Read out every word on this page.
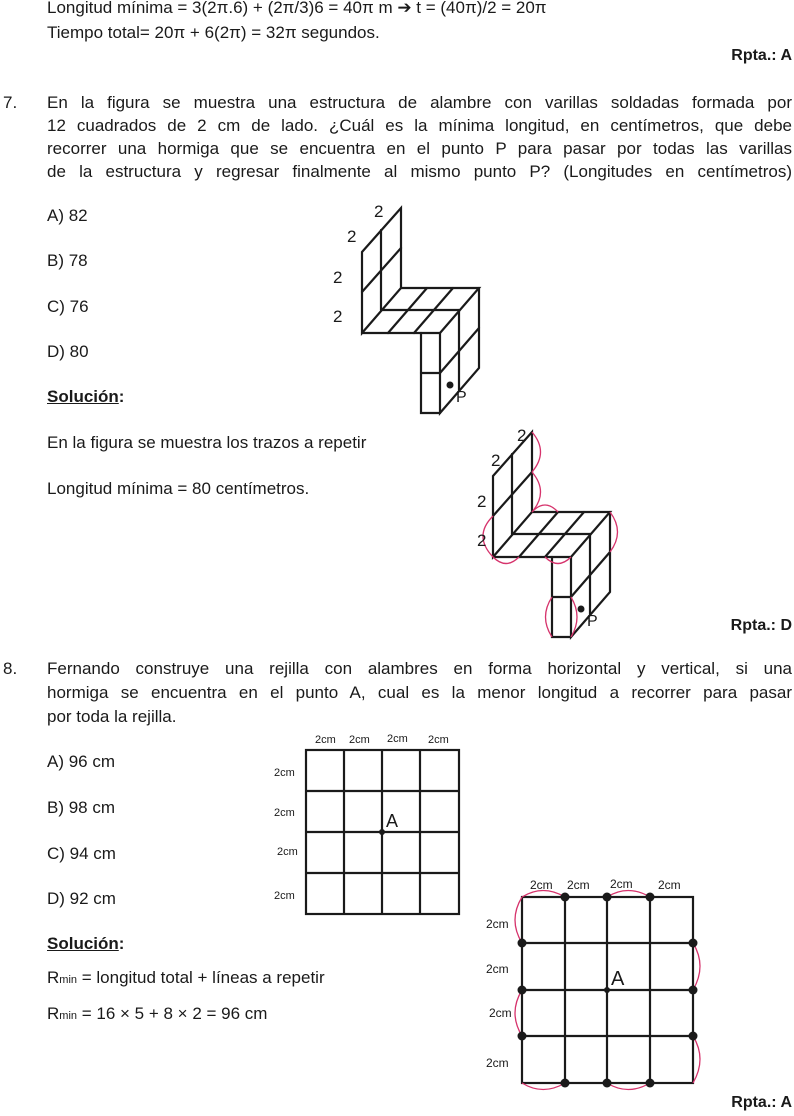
Longitud mínima = 3(2π.6) + (2π/3)6 = 40π m ➔ t = (40π)/2 = 20π
Tiempo total= 20π + 6(2π) = 32π segundos.
Rpta.: A
7. En la figura se muestra una estructura de alambre con varillas soldadas formada por
12 cuadrados de 2 cm de lado. ¿Cuál es la mínima longitud, en centímetros, que debe
recorrer una hormiga que se encuentra en el punto P para pasar por todas las varillas
de la estructura y regresar finalmente al mismo punto P? (Longitudes en centímetros)
A) 82
B) 78
C) 76
D) 80
Solución:
En la figura se muestra los trazos a repetir
Longitud mínima = 80 centímetros.
Rpta.: D
8. Fernando construye una rejilla con alambres en forma horizontal y vertical, si una
hormiga se encuentra en el punto A, cual es la menor longitud a recorrer para pasar
por toda la rejilla.
A) 96 cm
B) 98 cm
C) 94 cm
D) 92 cm
Solución:
Rmin = longitud total + líneas a repetir
Rmin = 16 × 5 + 8 × 2 = 96 cm
Rpta.: A
P
2
2
2
2
P
2
2
2
2
A
2cm 2cm 2cm 2cm
2cm
2cm
2cm
2cm
A
2cm 2cm 2cm 2cm
2cm
2cm
2cm
2cm
